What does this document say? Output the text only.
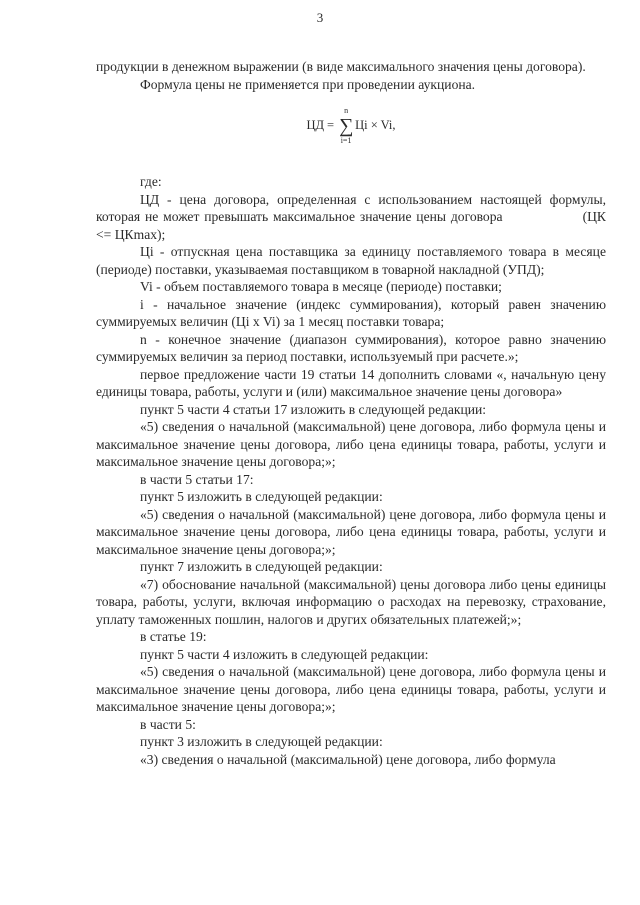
3

продукции в денежном выражении (в виде максимального значения цены договора).

Формула цены не применяется при проведении аукциона.

ЦД =
n
∑
i=1
Цi × Vi,

где:

ЦД - цена договора, определенная с использованием настоящей формулы, которая не может превышать максимальное значение цены договора	(ЦК <= ЦКmax);

Цi - отпускная цена поставщика за единицу поставляемого товара в месяце (периоде) поставки, указываемая поставщиком в товарной накладной (УПД);

Vi - объем поставляемого товара в месяце (периоде) поставки;

i - начальное значение (индекс суммирования), который равен значению суммируемых величин (Цi x Vi) за 1 месяц поставки товара;

n - конечное значение (диапазон суммирования), которое равно значению суммируемых величин за период поставки, используемый при расчете.»;

первое предложение части 19 статьи 14 дополнить словами «, начальную цену единицы товара, работы, услуги и (или) максимальное значение цены договора»

пункт 5 части 4 статьи 17 изложить в следующей редакции:

«5) сведения о начальной (максимальной) цене договора, либо формула цены и максимальное значение цены договора, либо цена единицы товара, работы, услуги и максимальное значение цены договора;»;

в части 5 статьи 17:

пункт 5 изложить в следующей редакции:

«5) сведения о начальной (максимальной) цене договора, либо формула цены и максимальное значение цены договора, либо цена единицы товара, работы, услуги и максимальное значение цены договора;»;

пункт 7 изложить в следующей редакции:

«7) обоснование начальной (максимальной) цены договора либо цены единицы товара, работы, услуги, включая информацию о расходах на перевозку, страхование, уплату таможенных пошлин, налогов и других обязательных платежей;»;

в статье 19:

пункт 5 части 4 изложить в следующей редакции:

«5) сведения о начальной (максимальной) цене договора, либо формула цены и максимальное значение цены договора, либо цена единицы товара, работы, услуги и максимальное значение цены договора;»;

в части 5:

пункт 3 изложить в следующей редакции:

«3) сведения о начальной (максимальной) цене договора, либо формула
